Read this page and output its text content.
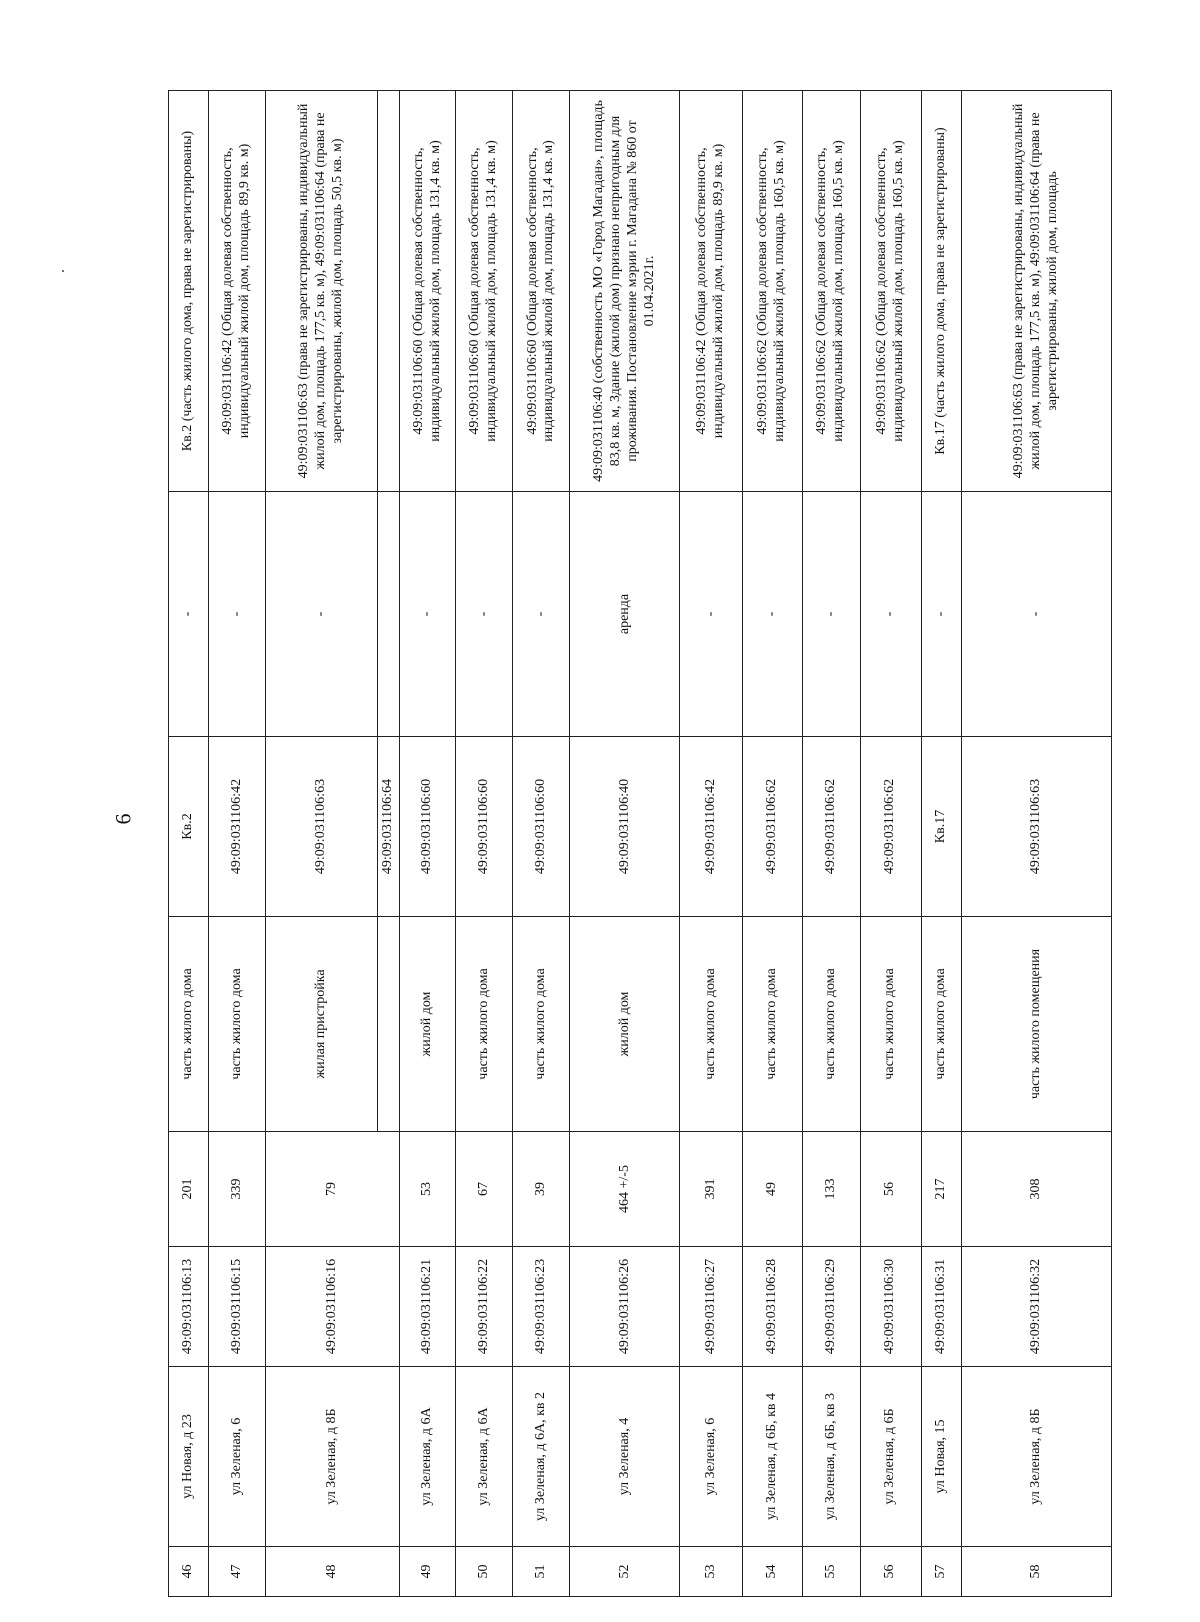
6
46	ул Новая, д 23	49:09:031106:13	201	часть жилого дома	Кв.2	-	Кв.2 (часть жилого дома, права не зарегистрированы)
47	ул Зеленая, 6	49:09:031106:15	339	часть жилого дома	49:09:031106:42	-	49:09:031106:42 (Общая долевая собственность, индивидуальный жилой дом, площадь 89,9 кв. м)
48	ул Зеленая, д 8Б	49:09:031106:16	79	жилая пристройка	49:09:031106:63	-	49:09:031106:63 (права не зарегистрированы, индивидуальный жилой дом, площадь 177,5 кв. м), 49:09:031106:64 (права не зарегистрированы, жилой дом, площадь 50,5 кв. м)
					49:09:031106:64		
49	ул Зеленая, д 6А	49:09:031106:21	53	жилой дом	49:09:031106:60	-	49:09:031106:60 (Общая долевая собственность, индивидуальный жилой дом, площадь 131,4 кв. м)
50	ул Зеленая, д 6А	49:09:031106:22	67	часть жилого дома	49:09:031106:60	-	49:09:031106:60 (Общая долевая собственность, индивидуальный жилой дом, площадь 131,4 кв. м)
51	ул Зеленая, д 6А, кв 2	49:09:031106:23	39	часть жилого дома	49:09:031106:60	-	49:09:031106:60 (Общая долевая собственность, индивидуальный жилой дом, площадь 131,4 кв. м)
52	ул Зеленая, 4	49:09:031106:26	464 +/-5	жилой дом	49:09:031106:40	аренда	49:09:031106:40 (собственность МО «Город Магадан», площадь 83,8 кв. м, Здание (жилой дом) признано непригодным для проживания. Постановление мэрии г. Магадана № 860 от 01.04.2021г.
53	ул Зеленая, 6	49:09:031106:27	391	часть жилого дома	49:09:031106:42	-	49:09:031106:42 (Общая долевая собственность, индивидуальный жилой дом, площадь 89,9 кв. м)
54	ул Зеленая, д 6Б, кв 4	49:09:031106:28	49	часть жилого дома	49:09:031106:62	-	49:09:031106:62 (Общая долевая собственность, индивидуальный жилой дом, площадь 160,5 кв. м)
55	ул Зеленая, д 6Б, кв 3	49:09:031106:29	133	часть жилого дома	49:09:031106:62	-	49:09:031106:62 (Общая долевая собственность, индивидуальный жилой дом, площадь 160,5 кв. м)
56	ул Зеленая, д 6Б	49:09:031106:30	56	часть жилого дома	49:09:031106:62	-	49:09:031106:62 (Общая долевая собственность, индивидуальный жилой дом, площадь 160,5 кв. м)
57	ул Новая, 15	49:09:031106:31	217	часть жилого дома	Кв.17	-	Кв.17 (часть жилого дома, права не зарегистрированы)
58	ул Зеленая, д 8Б	49:09:031106:32	308	часть жилого помещения	49:09:031106:63	-	49:09:031106:63 (права не зарегистрированы, индивидуальный жилой дом, площадь 177,5 кв. м), 49:09:031106:64 (права не зарегистрированы, жилой дом, площадь
